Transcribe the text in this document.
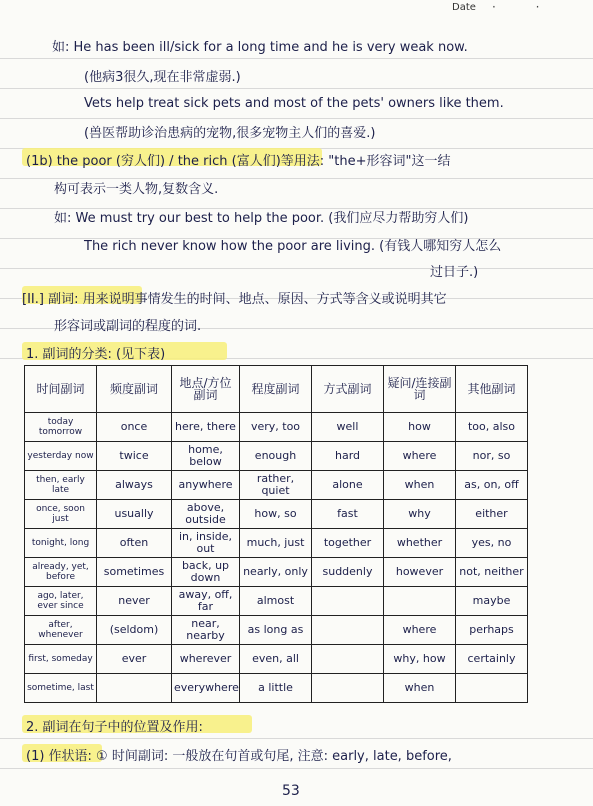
Date · ·
如: He has been ill/sick for a long time and he is very weak now.
(他病3很久,现在非常虚弱.)
Vets help treat sick pets and most of the pets' owners like them.
(兽医帮助诊治患病的宠物,很多宠物主人们的喜爱.)
(1b) the poor (穷人们) / the rich (富人们)等用法: "the+形容词"这一结
构可表示一类人物,复数含义.
如: We must try our best to help the poor. (我们应尽力帮助穷人们)
The rich never know how the poor are living. (有钱人哪知穷人怎么
过日子.)
[II.] 副词: 用来说明事情发生的时间、地点、原因、方式等含义或说明其它
形容词或副词的程度的词.
1. 副词的分类: (见下表)
时间副词	频度副词	地点/方位副词	程度副词	方式副词	疑问/连接副词	其他副词
today tomorrow	once	here, there	very, too	well	how	too, also
yesterday now	twice	home, below	enough	hard	where	nor, so
then, early late	always	anywhere	rather, quiet	alone	when	as, on, off
once, soon just	usually	above, outside	how, so	fast	why	either
tonight, long	often	in, inside, out	much, just	together	whether	yes, no
already, yet, before	sometimes	back, up down	nearly, only	suddenly	however	not, neither
ago, later, ever since	never	away, off, far	almost			maybe
after, whenever	(seldom)	near, nearby	as long as		where	perhaps
first, someday	ever	wherever	even, all		why, how	certainly
sometime, last		everywhere	a little		when	
2. 副词在句子中的位置及作用:
(1) 作状语: ① 时间副词: 一般放在句首或句尾, 注意: early, late, before,
53
